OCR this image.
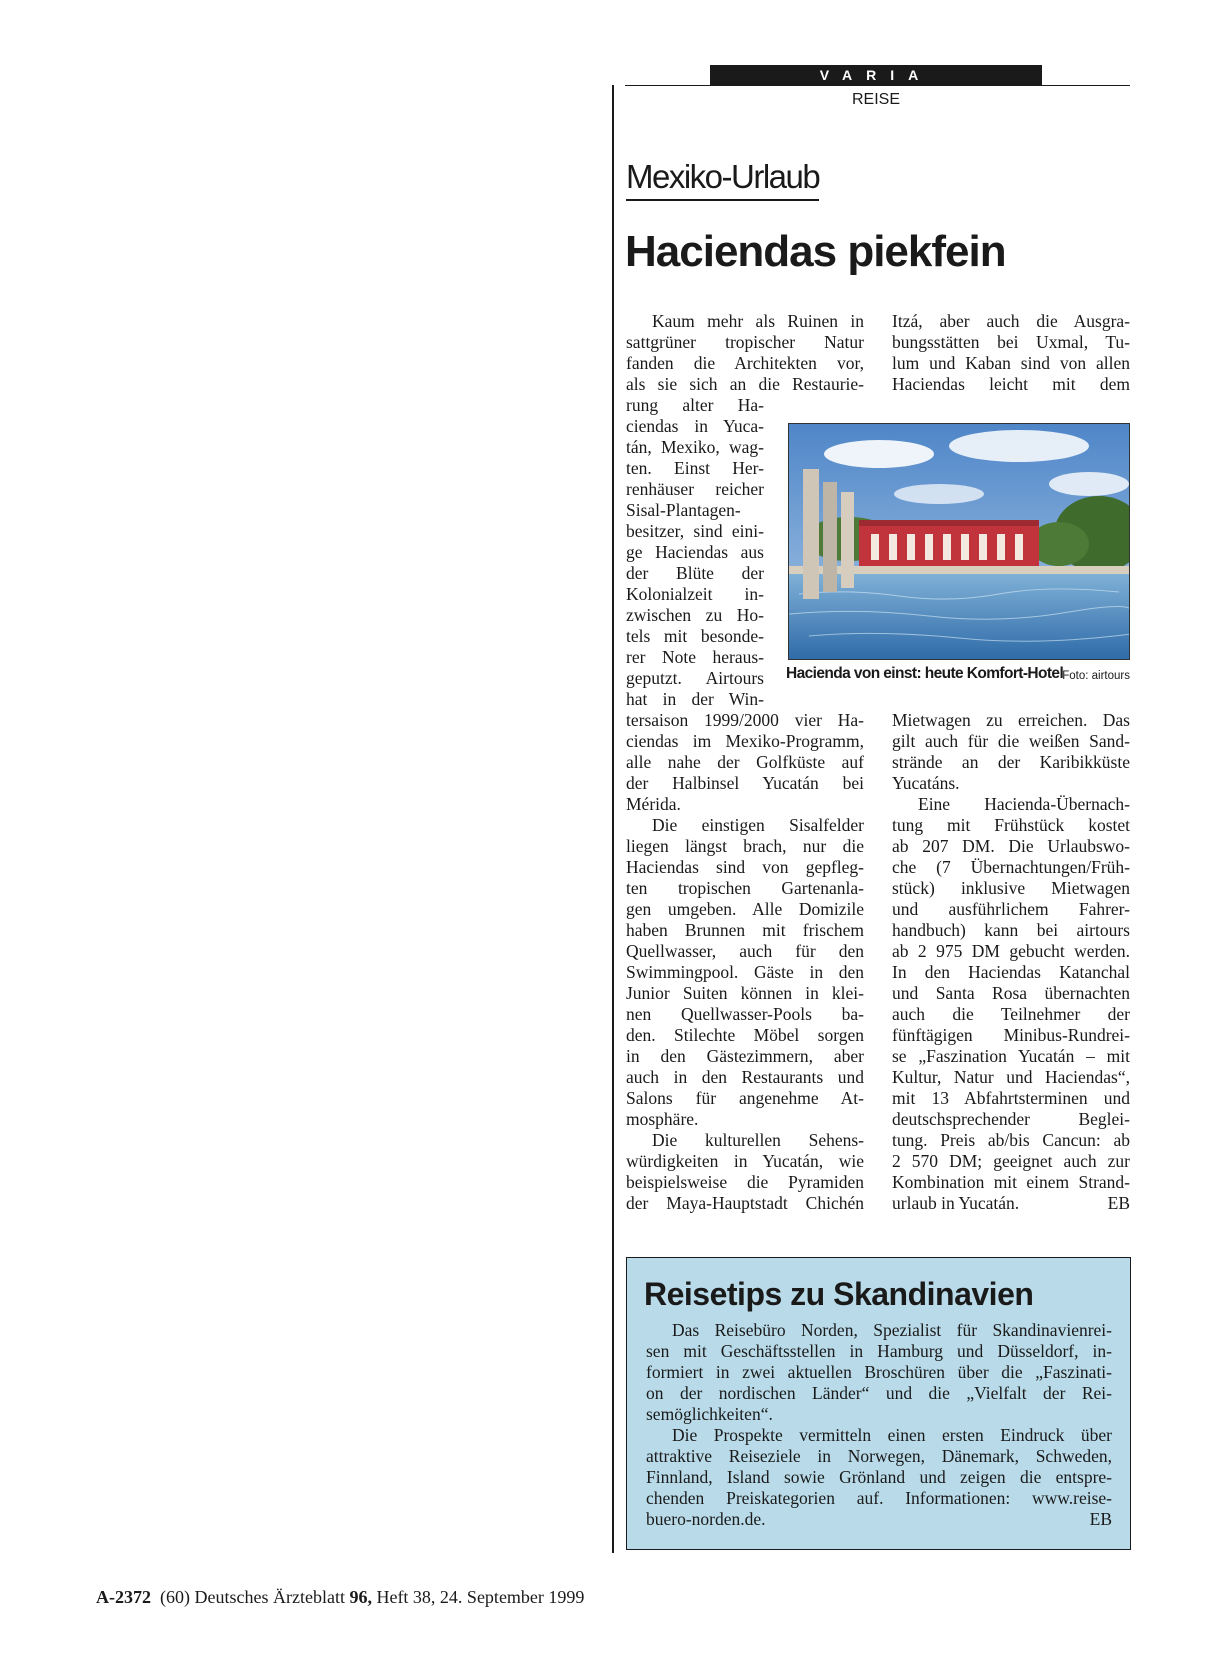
VARIA
REISE
Mexiko-Urlaub
Haciendas piekfein
Kaum mehr als Ruinen in
sattgrüner tropischer Natur
fanden die Architekten vor,
als sie sich an die Restaurie-
rung alter Ha-
ciendas in Yuca-
tán, Mexiko, wag-
ten. Einst Her-
renhäuser reicher
Sisal-Plantagen-
besitzer, sind eini-
ge Haciendas aus
der Blüte der
Kolonialzeit in-
zwischen zu Ho-
tels mit besonde-
rer Note heraus-
geputzt. Airtours
hat in der Win-
tersaison 1999/2000 vier Ha-
ciendas im Mexiko-Programm,
alle nahe der Golfküste auf
der Halbinsel Yucatán bei
Mérida.
Die einstigen Sisalfelder
liegen längst brach, nur die
Haciendas sind von gepfleg-
ten tropischen Gartenanla-
gen umgeben. Alle Domizile
haben Brunnen mit frischem
Quellwasser, auch für den
Swimmingpool. Gäste in den
Junior Suiten können in klei-
nen Quellwasser-Pools ba-
den. Stilechte Möbel sorgen
in den Gästezimmern, aber
auch in den Restaurants und
Salons für angenehme At-
mosphäre.
Die kulturellen Sehens-
würdigkeiten in Yucatán, wie
beispielsweise die Pyramiden
der Maya-Hauptstadt Chichén
Itzá, aber auch die Ausgra-
bungsstätten bei Uxmal, Tu-
lum und Kaban sind von allen
Haciendas leicht mit dem
Mietwagen zu erreichen. Das
gilt auch für die weißen Sand-
strände an der Karibikküste
Yucatáns.
Eine Hacienda-Übernach-
tung mit Frühstück kostet
ab 207 DM. Die Urlaubswo-
che (7 Übernachtungen/Früh-
stück) inklusive Mietwagen
und ausführlichem Fahrer-
handbuch) kann bei airtours
ab 2 975 DM gebucht werden.
In den Haciendas Katanchal
und Santa Rosa übernachten
auch die Teilnehmer der
fünftägigen Minibus-Rundrei-
se „Faszination Yucatán – mit
Kultur, Natur und Haciendas“,
mit 13 Abfahrtsterminen und
deutschsprechender Beglei-
tung. Preis ab/bis Cancun: ab
2 570 DM; geeignet auch zur
Kombination mit einem Strand-
urlaub in Yucatán.	EB
Hacienda von einst: heute Komfort-Hotel Foto: airtours
Reisetips zu Skandinavien
Das Reisebüro Norden, Spezialist für Skandinavienrei-
sen mit Geschäftsstellen in Hamburg und Düsseldorf, in-
formiert in zwei aktuellen Broschüren über die „Faszinati-
on der nordischen Länder“ und die „Vielfalt der Rei-
semöglichkeiten“.
Die Prospekte vermitteln einen ersten Eindruck über
attraktive Reiseziele in Norwegen, Dänemark, Schweden,
Finnland, Island sowie Grönland und zeigen die entspre-
chenden Preiskategorien auf. Informationen: www.reise-
buero-norden.de.	EB
A-2372 (60) Deutsches Ärzteblatt 96, Heft 38, 24. September 1999
